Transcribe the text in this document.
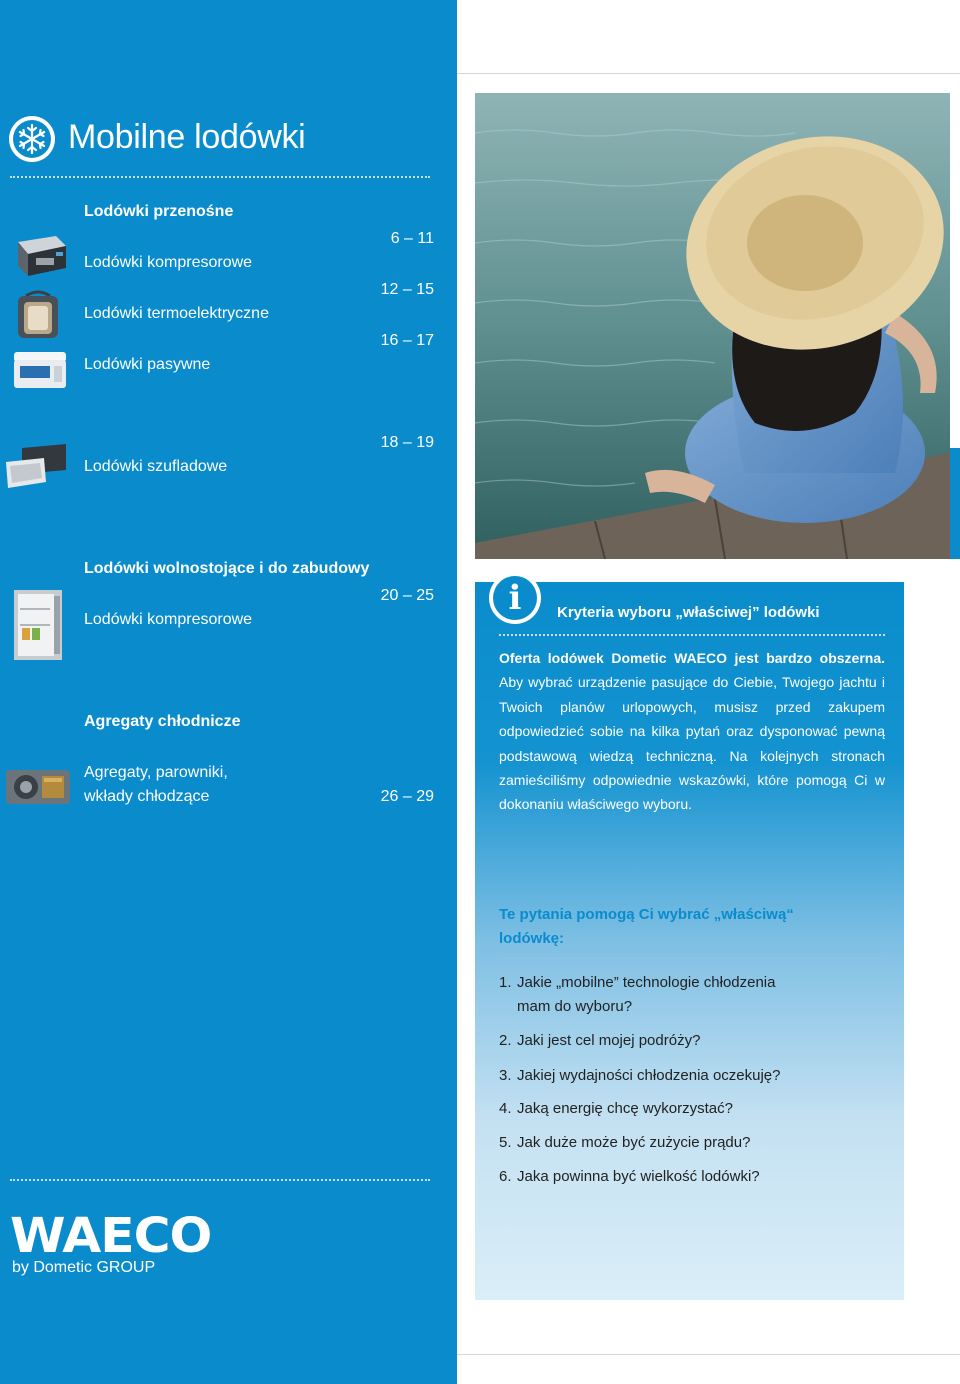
Mobilne lodówki
Lodówki przenośne
Lodówki kompresorowe
6 – 11
Lodówki termoelektryczne
12 – 15
Lodówki pasywne
16 – 17
Lodówki szufladowe
18 – 19
Lodówki wolnostojące i do zabudowy
Lodówki kompresorowe
20 – 25
Agregaty chłodnicze
Agregaty, parowniki,
wkłady chłodzące	26 – 29
WAECO
by Dometic GROUP
i	Kryteria wyboru „właściwej” lodówki
Oferta lodówek Dometic WAECO jest bardzo obszerna. Aby wybrać urządzenie pasujące do Ciebie, Twojego jachtu i Twoich planów urlopowych, musisz przed zakupem odpowiedzieć sobie na kilka pytań oraz dysponować pewną podstawową wiedzą techniczną. Na kolejnych stronach zamieściliśmy odpowiednie wskazówki, które pomogą Ci w dokonaniu właściwego wyboru.
Te pytania pomogą Ci wybrać „właściwą“ lodówkę:
1. Jakie „mobilne” technologie chłodzenia mam do wyboru?
2. Jaki jest cel mojej podróży?
3. Jakiej wydajności chłodzenia oczekuję?
4. Jaką energię chcę wykorzystać?
5. Jak duże może być zużycie prądu?
6. Jaka powinna być wielkość lodówki?
